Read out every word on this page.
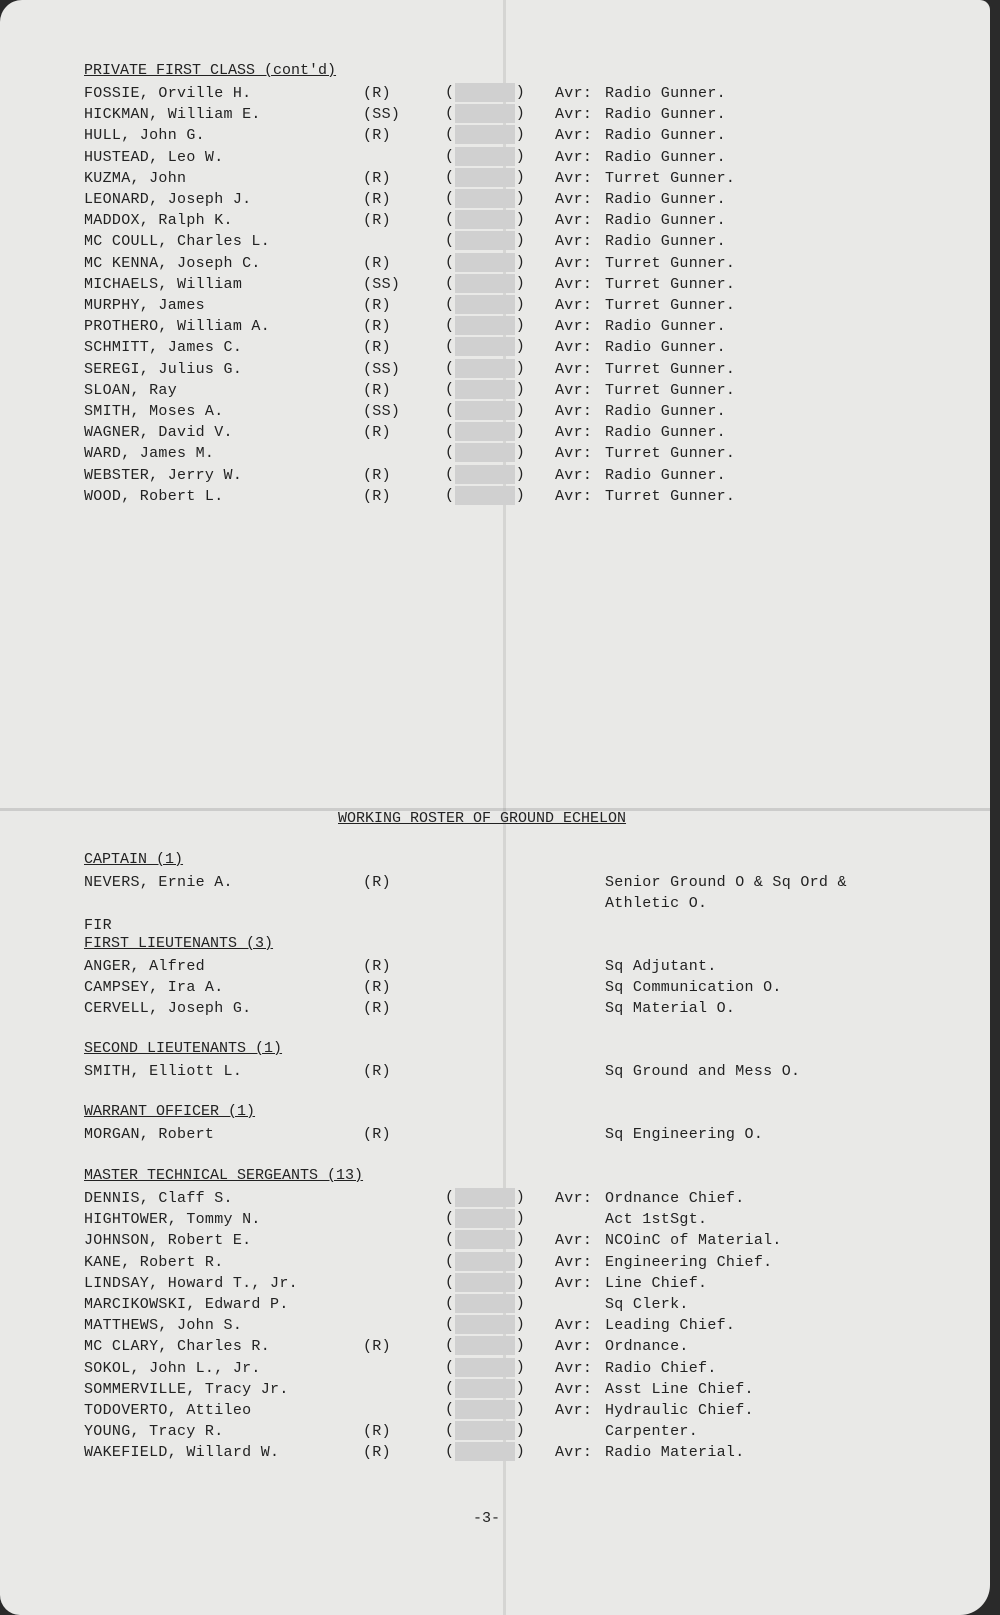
PRIVATE FIRST CLASS (cont'd)
FOSSIE, Orville H.	(R)	(	) Avr: Radio Gunner.
HICKMAN, William E.	(SS)	(	) Avr: Radio Gunner.
HULL, John G.	(R)	(	) Avr: Radio Gunner.
HUSTEAD, Leo W.	(	) Avr: Radio Gunner.
KUZMA, John	(R)	(	) Avr: Turret Gunner.
LEONARD, Joseph J.	(R)	(	) Avr: Radio Gunner.
MADDOX, Ralph K.	(R)	(	) Avr: Radio Gunner.
MC COULL, Charles L.	(	) Avr: Radio Gunner.
MC KENNA, Joseph C.	(R)	(	) Avr: Turret Gunner.
MICHAELS, William	(SS)	(	) Avr: Turret Gunner.
MURPHY, James	(R)	(	) Avr: Turret Gunner.
PROTHERO, William A.	(R)	(	) Avr: Radio Gunner.
SCHMITT, James C.	(R)	(	) Avr: Radio Gunner.
SEREGI, Julius G.	(SS)	(	) Avr: Turret Gunner.
SLOAN, Ray	(R)	(	) Avr: Turret Gunner.
SMITH, Moses A.	(SS)	(	) Avr: Radio Gunner.
WAGNER, David V.	(R)	(	) Avr: Radio Gunner.
WARD, James M.	(	) Avr: Turret Gunner.
WEBSTER, Jerry W.	(R)	(	) Avr: Radio Gunner.
WOOD, Robert L.	(R)	(	) Avr: Turret Gunner.
WORKING ROSTER OF GROUND ECHELON
CAPTAIN (1)
NEVERS, Ernie A.	(R)	Senior Ground O & Sq Ord &
Athletic O.
FIR
FIRST LIEUTENANTS (3)
ANGER, Alfred	(R)	Sq Adjutant.
CAMPSEY, Ira A.	(R)	Sq Communication O.
CERVELL, Joseph G.	(R)	Sq Material O.
SECOND LIEUTENANTS (1)
SMITH, Elliott L.	(R)	Sq Ground and Mess O.
WARRANT OFFICER (1)
MORGAN, Robert	(R)	Sq Engineering O.
MASTER TECHNICAL SERGEANTS (13)
DENNIS, Claff S.	(	) Avr: Ordnance Chief.
HIGHTOWER, Tommy N.	(	)	Act 1stSgt.
JOHNSON, Robert E.	(	) Avr: NCOinC of Material.
KANE, Robert R.	(	) Avr: Engineering Chief.
LINDSAY, Howard T., Jr.	(	) Avr: Line Chief.
MARCIKOWSKI, Edward P.	(	)	Sq Clerk.
MATTHEWS, John S.	(	) Avr: Leading Chief.
MC CLARY, Charles R.	(R)	(	) Avr: Ordnance.
SOKOL, John L., Jr.	(	) Avr: Radio Chief.
SOMMERVILLE, Tracy Jr.	(	) Avr: Asst Line Chief.
TODOVERTO, Attileo	(	) Avr: Hydraulic Chief.
YOUNG, Tracy R.	(R)	(	)	Carpenter.
WAKEFIELD, Willard W.	(R)	(	) Avr: Radio Material.
-3-
